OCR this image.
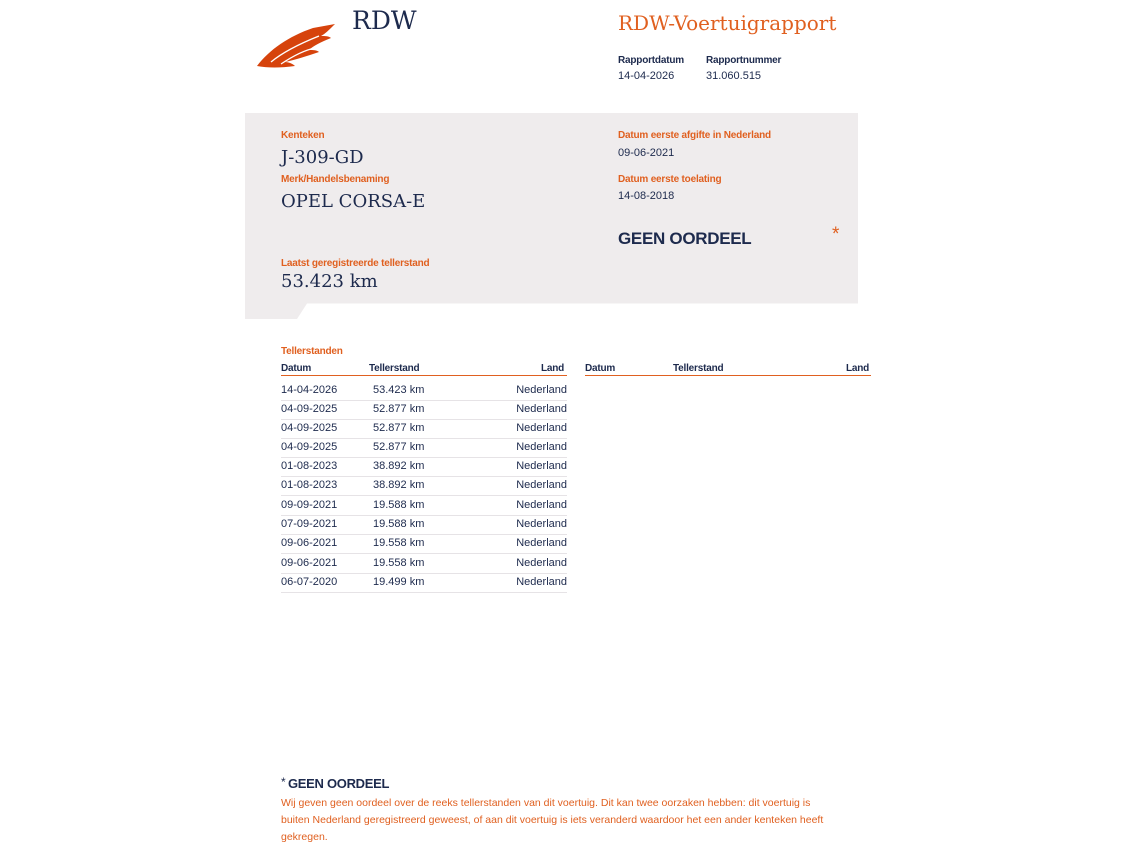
RDW	RDW-Voertuigrapport
Rapportdatum Rapportnummer
14-04-2026	31.060.515
Kenteken
J-309-GD
Merk/Handelsbenaming
OPEL CORSA-E
Laatst geregistreerde tellerstand
53.423 km
Datum eerste afgifte in Nederland
09-06-2021
Datum eerste toelating
14-08-2018
GEEN OORDEEL	*
Tellerstanden
Datum	Tellerstand	Land Datum	Tellerstand	Land
14-04-2026	53.423 km	Nederland
04-09-2025	52.877 km	Nederland
04-09-2025	52.877 km	Nederland
04-09-2025	52.877 km	Nederland
01-08-2023	38.892 km	Nederland
01-08-2023	38.892 km	Nederland
09-09-2021	19.588 km	Nederland
07-09-2021	19.588 km	Nederland
09-06-2021	19.558 km	Nederland
09-06-2021	19.558 km	Nederland
06-07-2020	19.499 km	Nederland
* GEEN OORDEEL
Wij geven geen oordeel over de reeks tellerstanden van dit voertuig. Dit kan twee oorzaken hebben: dit voertuig is buiten Nederland geregistreerd geweest, of aan dit voertuig is iets veranderd waardoor het een ander kenteken heeft gekregen.
